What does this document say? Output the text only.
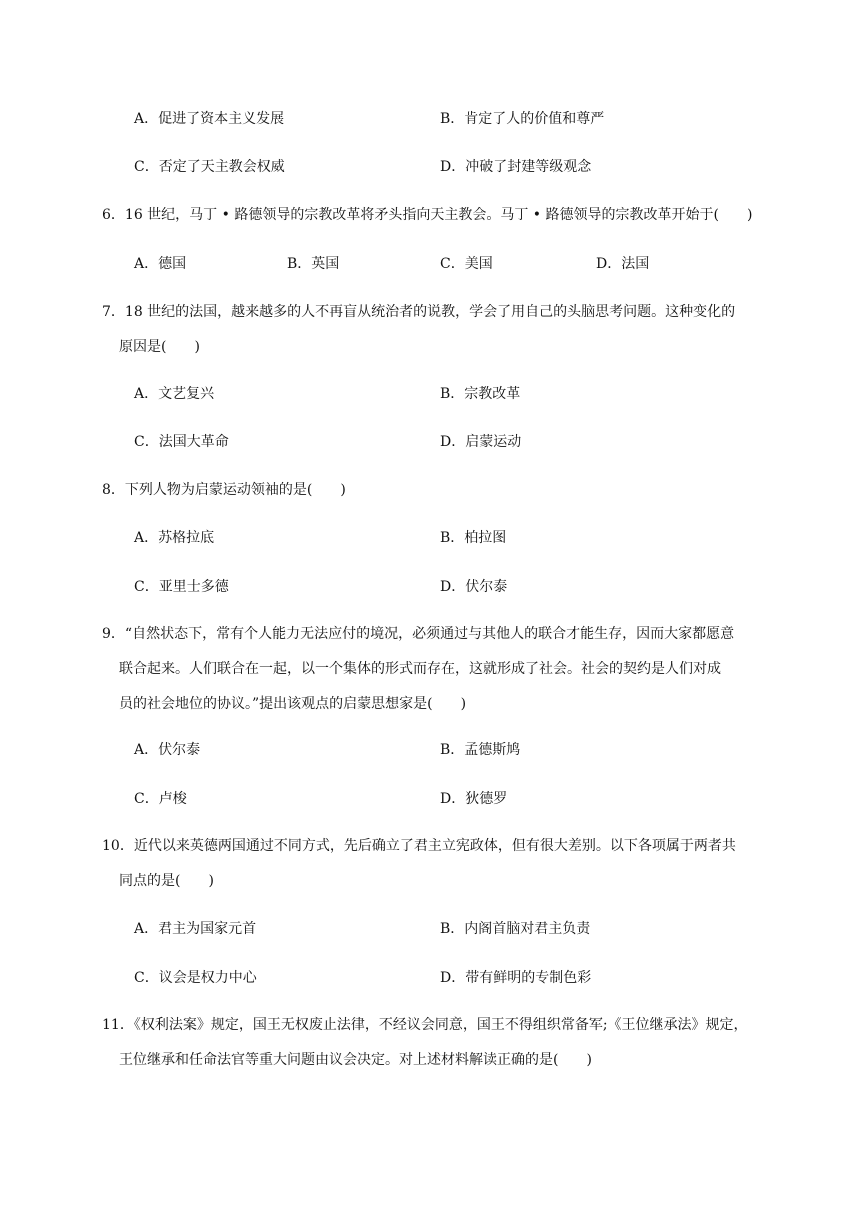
A．促进了资本主义发展	B．肯定了人的价值和尊严
C．否定了天主教会权威	D．冲破了封建等级观念
6．16 世纪，马丁 • 路德领导的宗教改革将矛头指向天主教会。马丁 • 路德领导的宗教改革开始于(　　)
A．德国	B．英国	C．美国	D．法国
7．18 世纪的法国，越来越多的人不再盲从统治者的说教，学会了用自己的头脑思考问题。这种变化的
原因是(　　)
A．文艺复兴	B．宗教改革
C．法国大革命	D．启蒙运动
8．下列人物为启蒙运动领袖的是(　　)
A．苏格拉底	B．柏拉图
C．亚里士多德	D．伏尔泰
9．“自然状态下，常有个人能力无法应付的境况，必须通过与其他人的联合才能生存，因而大家都愿意
联合起来。人们联合在一起，以一个集体的形式而存在，这就形成了社会。社会的契约是人们对成
员的社会地位的协议。”提出该观点的启蒙思想家是(　　)
A．伏尔泰	B．孟德斯鸠
C．卢梭	D．狄德罗
10．近代以来英德两国通过不同方式，先后确立了君主立宪政体，但有很大差别。以下各项属于两者共
同点的是(　　)
A．君主为国家元首	B．内阁首脑对君主负责
C．议会是权力中心	D．带有鲜明的专制色彩
11．《权利法案》规定，国王无权废止法律，不经议会同意，国王不得组织常备军;《王位继承法》规定，
王位继承和任命法官等重大问题由议会决定。对上述材料解读正确的是(　　)
